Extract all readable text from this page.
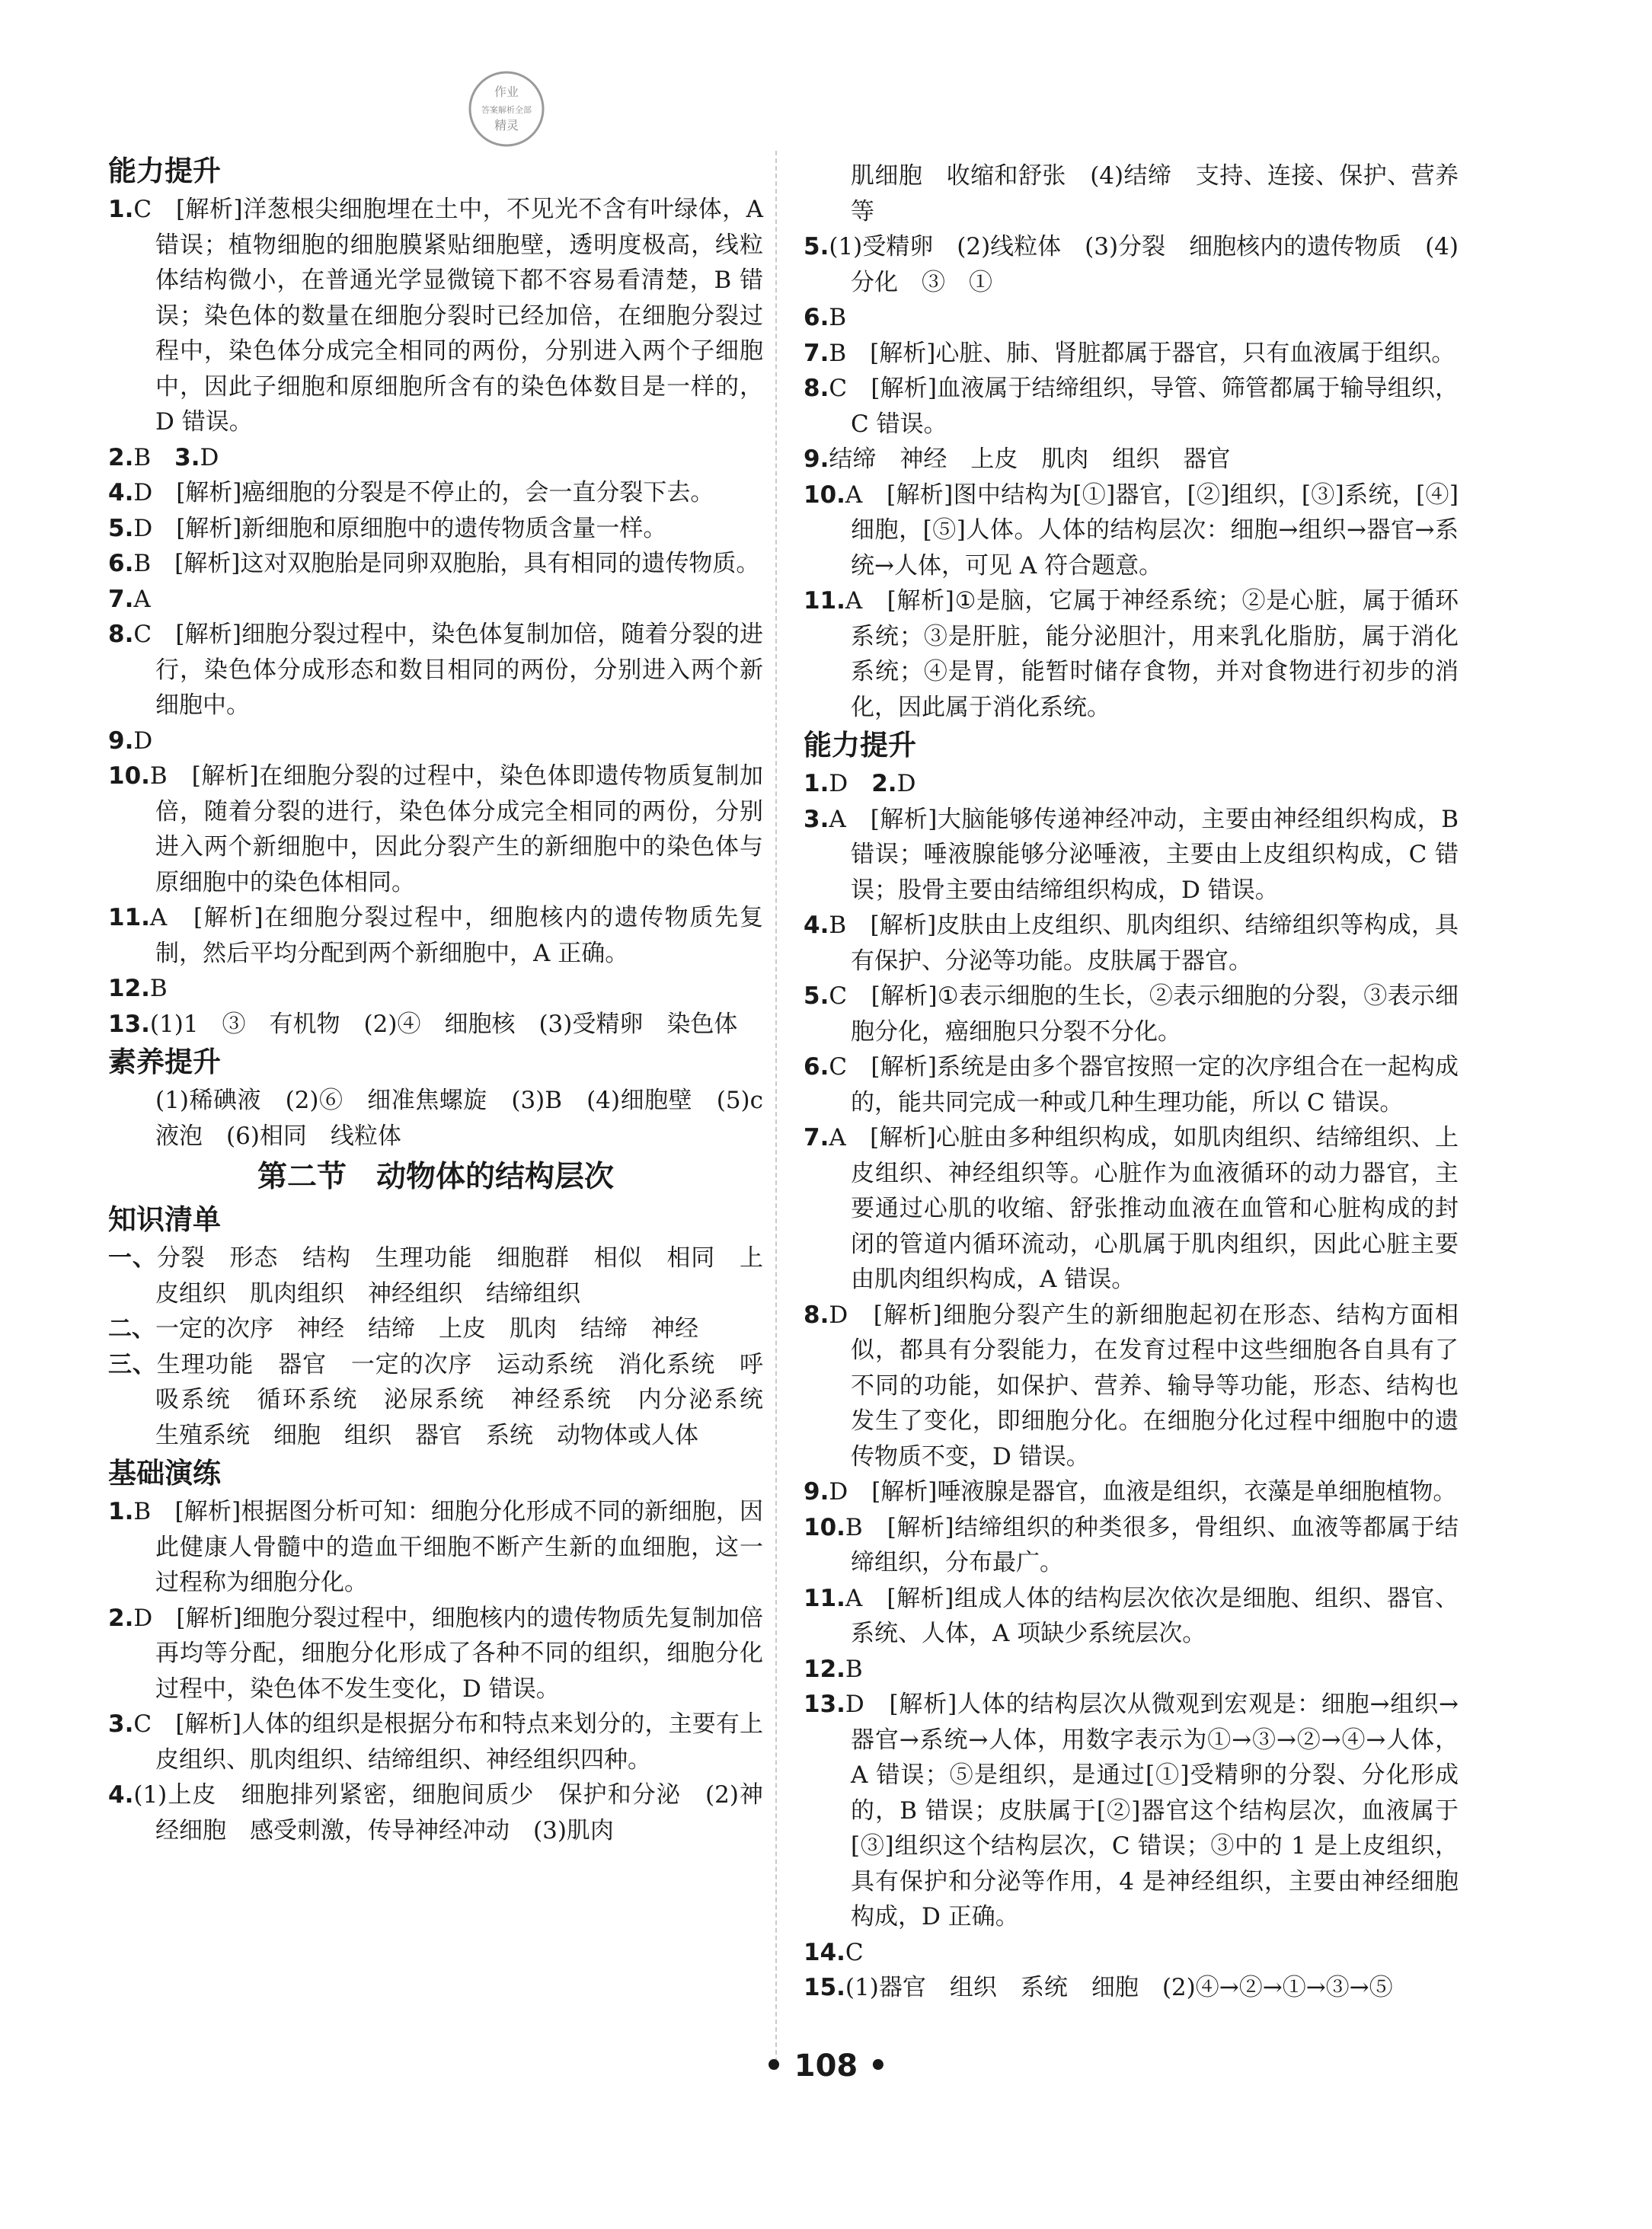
作业
答案解析全部
精灵
能力提升

1.C　[解析]洋葱根尖细胞埋在土中，不见光不含有叶绿体，A 错误；植物细胞的细胞膜紧贴细胞壁，透明度极高，线粒体结构微小，在普通光学显微镜下都不容易看清楚，B 错误；染色体的数量在细胞分裂时已经加倍，在细胞分裂过程中，染色体分成完全相同的两份，分别进入两个子细胞中，因此子细胞和原细胞所含有的染色体数目是一样的，D 错误。

2.B　 3.D

4.D　[解析]癌细胞的分裂是不停止的，会一直分裂下去。

5.D　[解析]新细胞和原细胞中的遗传物质含量一样。

6.B　[解析]这对双胞胎是同卵双胞胎，具有相同的遗传物质。

7.A

8.C　[解析]细胞分裂过程中，染色体复制加倍，随着分裂的进行，染色体分成形态和数目相同的两份，分别进入两个新细胞中。

9.D

10.B　[解析]在细胞分裂的过程中，染色体即遗传物质复制加倍，随着分裂的进行，染色体分成完全相同的两份，分别进入两个新细胞中，因此分裂产生的新细胞中的染色体与原细胞中的染色体相同。

11.A　[解析]在细胞分裂过程中，细胞核内的遗传物质先复制，然后平均分配到两个新细胞中，A 正确。

12.B

13.(1)1　③　有机物　(2)④　细胞核　(3)受精卵　染色体

素养提升

(1)稀碘液　(2)⑥　细准焦螺旋　(3)B　(4)细胞壁　(5)c　液泡　(6)相同　线粒体

第二节　动物体的结构层次
知识清单

一、分裂　形态　结构　生理功能　细胞群　相似　相同　上皮组织　肌肉组织　神经组织　结缔组织

二、一定的次序　神经　结缔　上皮　肌肉　结缔　神经

三、生理功能　器官　一定的次序　运动系统　消化系统　呼吸系统　循环系统　泌尿系统　神经系统　内分泌系统　生殖系统　细胞　组织　器官　系统　动物体或人体

基础演练

1.B　[解析]根据图分析可知：细胞分化形成不同的新细胞，因此健康人骨髓中的造血干细胞不断产生新的血细胞，这一过程称为细胞分化。

2.D　[解析]细胞分裂过程中，细胞核内的遗传物质先复制加倍再均等分配，细胞分化形成了各种不同的组织，细胞分化过程中，染色体不发生变化，D 错误。

3.C　[解析]人体的组织是根据分布和特点来划分的，主要有上皮组织、肌肉组织、结缔组织、神经组织四种。

4.(1)上皮　细胞排列紧密，细胞间质少　保护和分泌　(2)神经细胞　感受刺激，传导神经冲动　(3)肌肉

肌细胞　收缩和舒张　(4)结缔　支持、连接、保护、营养等

5.(1)受精卵　(2)线粒体　(3)分裂　细胞核内的遗传物质　(4)分化　③　①

6.B

7.B　[解析]心脏、肺、肾脏都属于器官，只有血液属于组织。

8.C　[解析]血液属于结缔组织，导管、筛管都属于输导组织，C 错误。

9.结缔　神经　上皮　肌肉　组织　器官

10.A　[解析]图中结构为[①]器官，[②]组织，[③]系统，[④]细胞，[⑤]人体。人体的结构层次：细胞→组织→器官→系统→人体，可见 A 符合题意。

11.A　[解析]①是脑，它属于神经系统；②是心脏，属于循环系统；③是肝脏，能分泌胆汁，用来乳化脂肪，属于消化系统；④是胃，能暂时储存食物，并对食物进行初步的消化，因此属于消化系统。

能力提升

1.D　 2.D

3.A　[解析]大脑能够传递神经冲动，主要由神经组织构成，B 错误；唾液腺能够分泌唾液，主要由上皮组织构成，C 错误；股骨主要由结缔组织构成，D 错误。

4.B　[解析]皮肤由上皮组织、肌肉组织、结缔组织等构成，具有保护、分泌等功能。皮肤属于器官。

5.C　[解析]①表示细胞的生长，②表示细胞的分裂，③表示细胞分化，癌细胞只分裂不分化。

6.C　[解析]系统是由多个器官按照一定的次序组合在一起构成的，能共同完成一种或几种生理功能，所以 C 错误。

7.A　[解析]心脏由多种组织构成，如肌肉组织、结缔组织、上皮组织、神经组织等。心脏作为血液循环的动力器官，主要通过心肌的收缩、舒张推动血液在血管和心脏构成的封闭的管道内循环流动，心肌属于肌肉组织，因此心脏主要由肌肉组织构成，A 错误。

8.D　[解析]细胞分裂产生的新细胞起初在形态、结构方面相似，都具有分裂能力，在发育过程中这些细胞各自具有了不同的功能，如保护、营养、输导等功能，形态、结构也发生了变化，即细胞分化。在细胞分化过程中细胞中的遗传物质不变，D 错误。

9.D　[解析]唾液腺是器官，血液是组织，衣藻是单细胞植物。

10.B　[解析]结缔组织的种类很多，骨组织、血液等都属于结缔组织，分布最广。

11.A　[解析]组成人体的结构层次依次是细胞、组织、器官、系统、人体，A 项缺少系统层次。

12.B

13.D　[解析]人体的结构层次从微观到宏观是：细胞→组织→器官→系统→人体，用数字表示为①→③→②→④→人体，A 错误；⑤是组织，是通过[①]受精卵的分裂、分化形成的，B 错误；皮肤属于[②]器官这个结构层次，血液属于[③]组织这个结构层次，C 错误；③中的 1 是上皮组织，具有保护和分泌等作用，4 是神经组织，主要由神经细胞构成，D 正确。

14.C

15.(1)器官　组织　系统　细胞　(2)④→②→①→③→⑤

• 108 •
